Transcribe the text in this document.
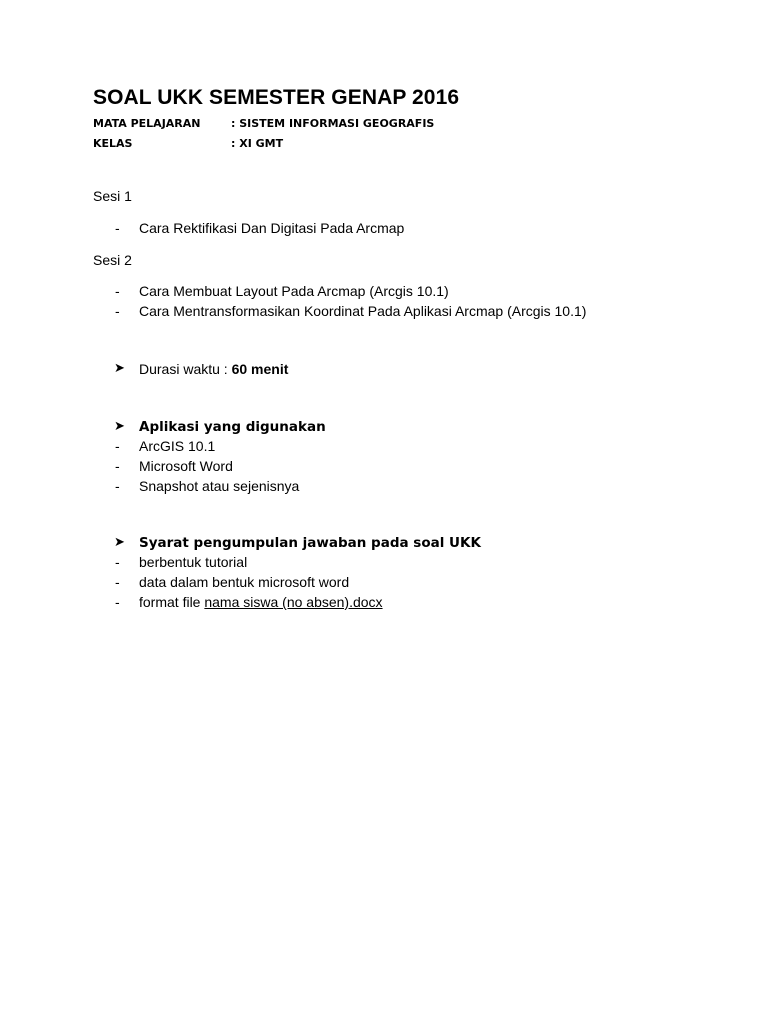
SOAL UKK SEMESTER GENAP 2016
MATA PELAJARAN	: SISTEM INFORMASI GEOGRAFIS
KELAS	: XI GMT
Sesi 1
- Cara Rektifikasi Dan Digitasi Pada Arcmap
Sesi 2
- Cara Membuat Layout Pada Arcmap (Arcgis 10.1)
- Cara Mentransformasikan Koordinat Pada Aplikasi Arcmap (Arcgis 10.1)
➤ Durasi waktu : 60 menit
➤ Aplikasi yang digunakan
- ArcGIS 10.1
- Microsoft Word
- Snapshot atau sejenisnya
➤ Syarat pengumpulan jawaban pada soal UKK
- berbentuk tutorial
- data dalam bentuk microsoft word
- format file nama siswa (no absen).docx
